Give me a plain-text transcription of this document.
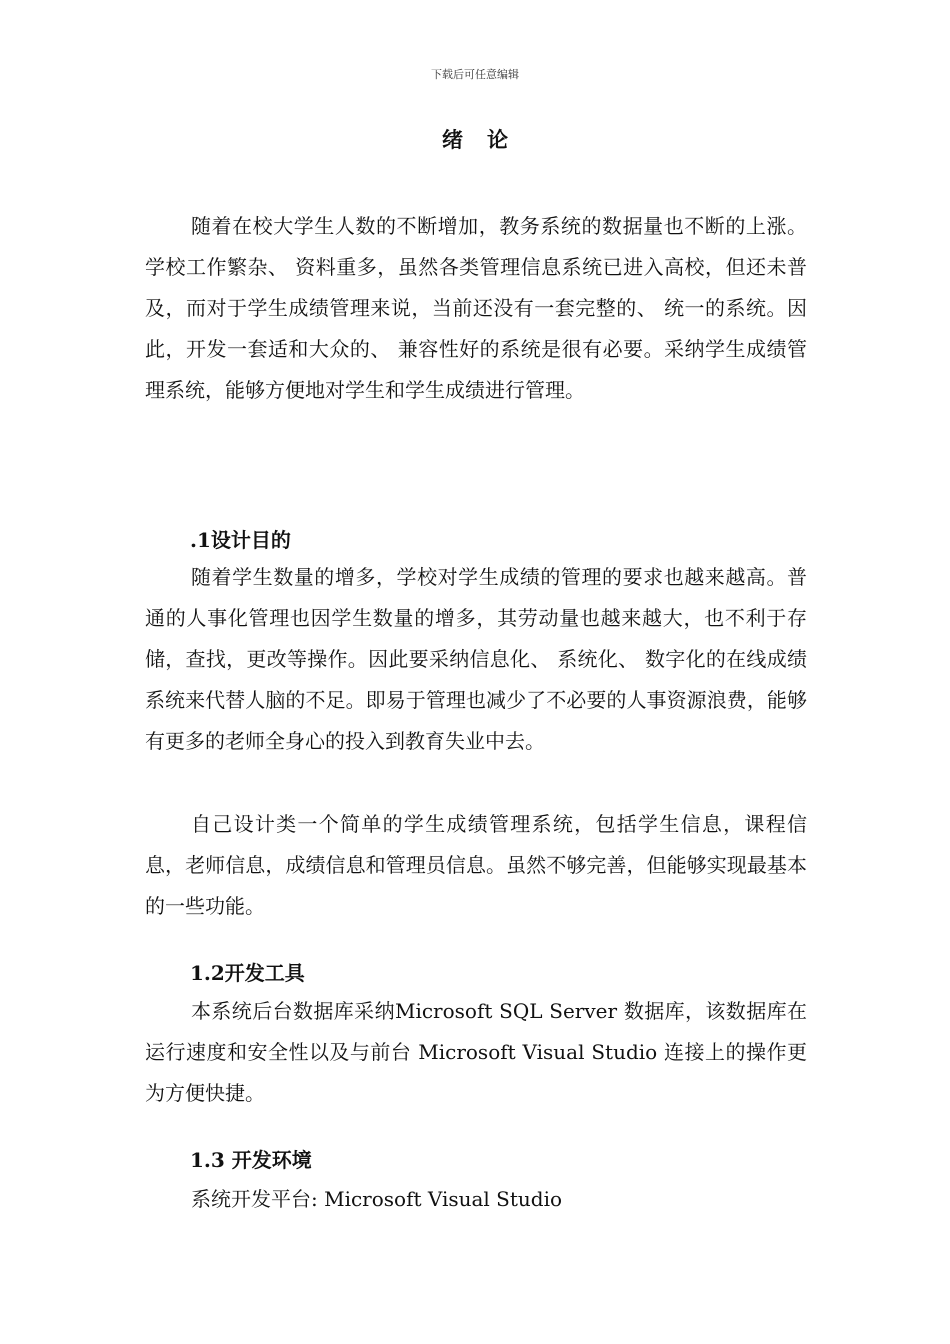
下载后可任意编辑
绪论

随着在校大学生人数的不断增加，教务系统的数据量也不断的上涨。学校工作繁杂、 资料重多，虽然各类管理信息系统已进入高校，但还未普及，而对于学生成绩管理来说，当前还没有一套完整的、 统一的系统。因此，开发一套适和大众的、 兼容性好的系统是很有必要。采纳学生成绩管理系统，能够方便地对学生和学生成绩进行管理。

.1设计目的

随着学生数量的增多，学校对学生成绩的管理的要求也越来越高。普通的人事化管理也因学生数量的增多，其劳动量也越来越大，也不利于存储，查找，更改等操作。因此要采纳信息化、 系统化、 数字化的在线成绩系统来代替人脑的不足。即易于管理也减少了不必要的人事资源浪费，能够有更多的老师全身心的投入到教育失业中去。

自己设计类一个简单的学生成绩管理系统，包括学生信息，课程信息，老师信息，成绩信息和管理员信息。虽然不够完善，但能够实现最基本的一些功能。

1.2开发工具

本系统后台数据库采纳Microsoft SQL Server 数据库，该数据库在运行速度和安全性以及与前台 Microsoft Visual Studio 连接上的操作更为方便快捷。

1.3 开发环境

系统开发平台: Microsoft Visual Studio
